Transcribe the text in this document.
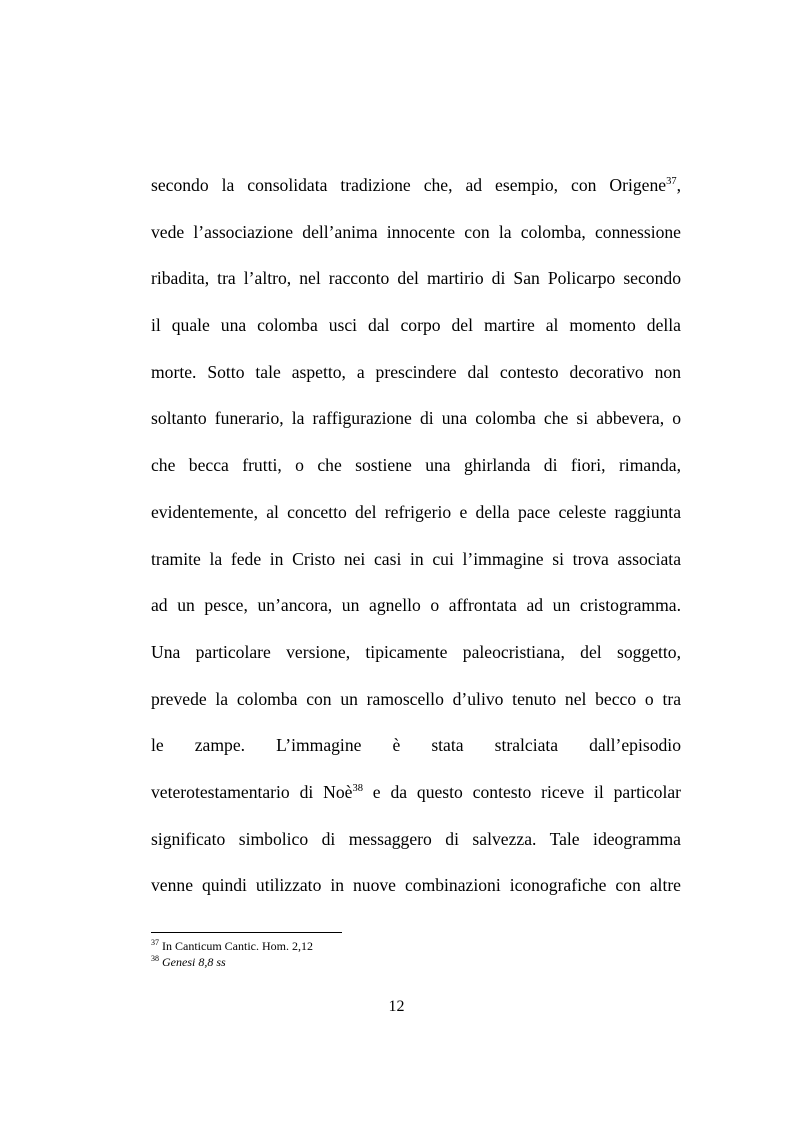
secondo la consolidata tradizione che, ad esempio, con Origene$^{37}$,
vede l’associazione dell’anima innocente con la colomba, connessione
ribadita, tra l’altro, nel racconto del martirio di San Policarpo secondo
il quale una colomba usci dal corpo del martire al momento della
morte. Sotto tale aspetto, a prescindere dal contesto decorativo non
soltanto funerario, la raffigurazione di una colomba che si abbevera, o
che becca frutti, o che sostiene una ghirlanda di fiori, rimanda,
evidentemente, al concetto del refrigerio e della pace celeste raggiunta
tramite la fede in Cristo nei casi in cui l’immagine si trova associata
ad un pesce, un’ancora, un agnello o affrontata ad un cristogramma.
Una particolare versione, tipicamente paleocristiana, del soggetto,
prevede la colomba con un ramoscello d’ulivo tenuto nel becco o tra
le zampe. L’immagine è stata stralciata dall’episodio
veterotestamentario di Noè$^{38}$ e da questo contesto riceve il particolar
significato simbolico di messaggero di salvezza. Tale ideogramma
venne quindi utilizzato in nuove combinazioni iconografiche con altre
$^{37}$ In Canticum Cantic. Hom. 2,12
$^{38}$ Genesi 8,8 ss
12
